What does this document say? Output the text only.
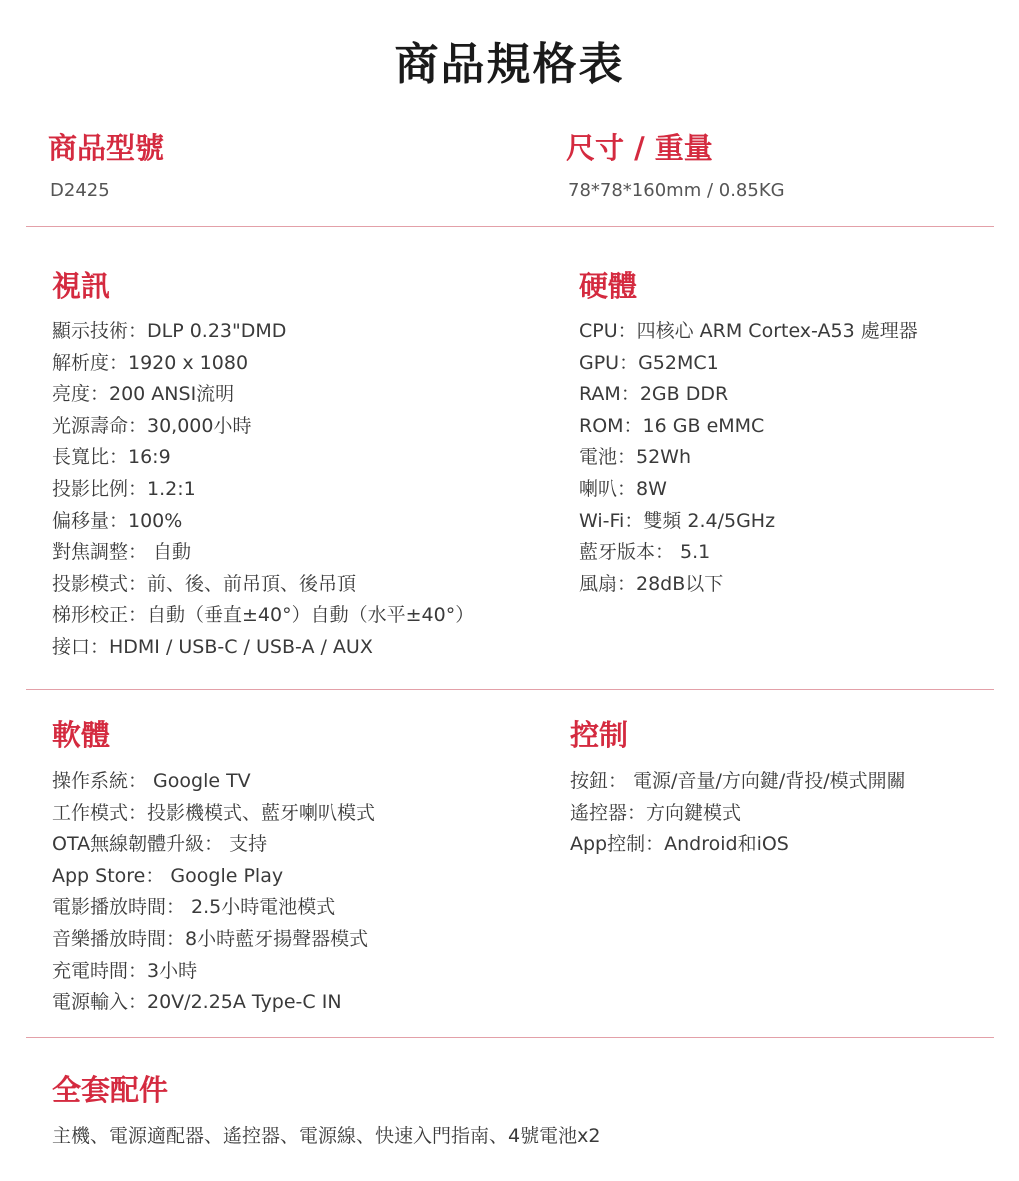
商品規格表
商品型號
D2425
尺寸 / 重量
78*78*160mm / 0.85KG
視訊
顯示技術：DLP 0.23"DMD
解析度：1920 x 1080
亮度：200 ANSI流明
光源壽命：30,000小時
長寬比：16:9
投影比例：1.2:1
偏移量：100%
對焦調整： 自動
投影模式：前、後、前吊頂、後吊頂
梯形校正：自動（垂直±40°）自動（水平±40°）
接口：HDMI / USB-C / USB-A / AUX
硬體
CPU：四核心 ARM Cortex-A53 處理器
GPU：G52MC1
RAM：2GB DDR
ROM：16 GB eMMC
電池：52Wh
喇叭：8W
Wi-Fi：雙頻 2.4/5GHz
藍牙版本： 5.1
風扇：28dB以下
軟體
操作系統： Google TV
工作模式：投影機模式、藍牙喇叭模式
OTA無線韌體升級： 支持
App Store： Google Play
電影播放時間： 2.5小時電池模式
音樂播放時間：8小時藍牙揚聲器模式
充電時間：3小時
電源輸入：20V/2.25A Type-C IN
控制
按鈕： 電源/音量/方向鍵/背投/模式開關
遙控器：方向鍵模式
App控制：Android和iOS
全套配件
主機、電源適配器、遙控器、電源線、快速入門指南、4號電池x2
